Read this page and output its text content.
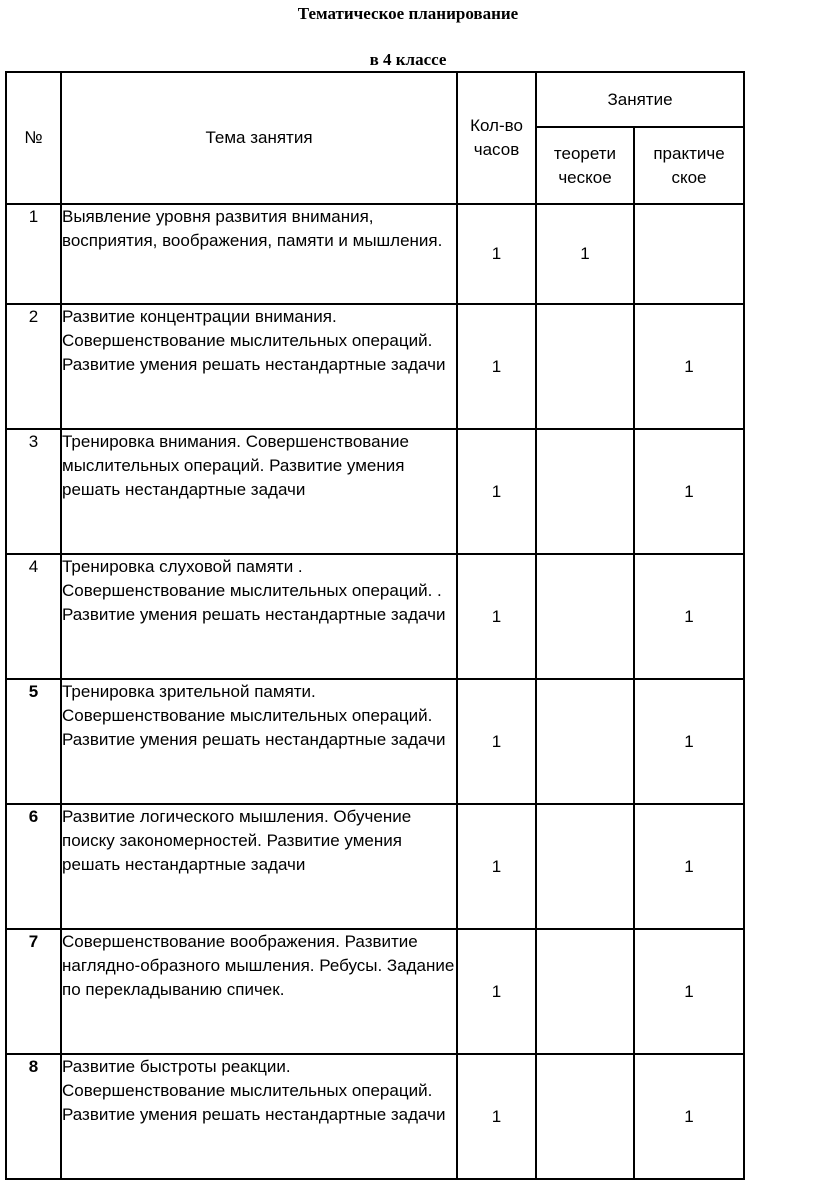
Тематическое планирование
в 4 классе
№	Тема занятия	Кол-во часов	Занятие	
			теорети ческое	практиче ское
1	Выявление уровня развития внимания, восприятия, воображения, памяти и мышления.	1	1	
2	Развитие концентрации внимания. Совершенствование мыслительных операций. Развитие умения решать нестандартные задачи	1		1
3	Тренировка внимания. Совершенствование мыслительных операций. Развитие умения решать нестандартные задачи	1		1
4	Тренировка слуховой памяти . Совершенствование мыслительных операций. . Развитие умения решать нестандартные задачи	1		1
5	Тренировка зрительной памяти. Совершенствование мыслительных операций. Развитие умения решать нестандартные задачи	1		1
6	Развитие логического мышления. Обучение поиску закономерностей. Развитие умения решать нестандартные задачи	1		1
7	Совершенствование воображения. Развитие наглядно-образного мышления. Ребусы. Задание по перекладыванию спичек.	1		1
8	Развитие быстроты реакции. Совершенствование мыслительных операций. Развитие умения решать нестандартные задачи	1		1
